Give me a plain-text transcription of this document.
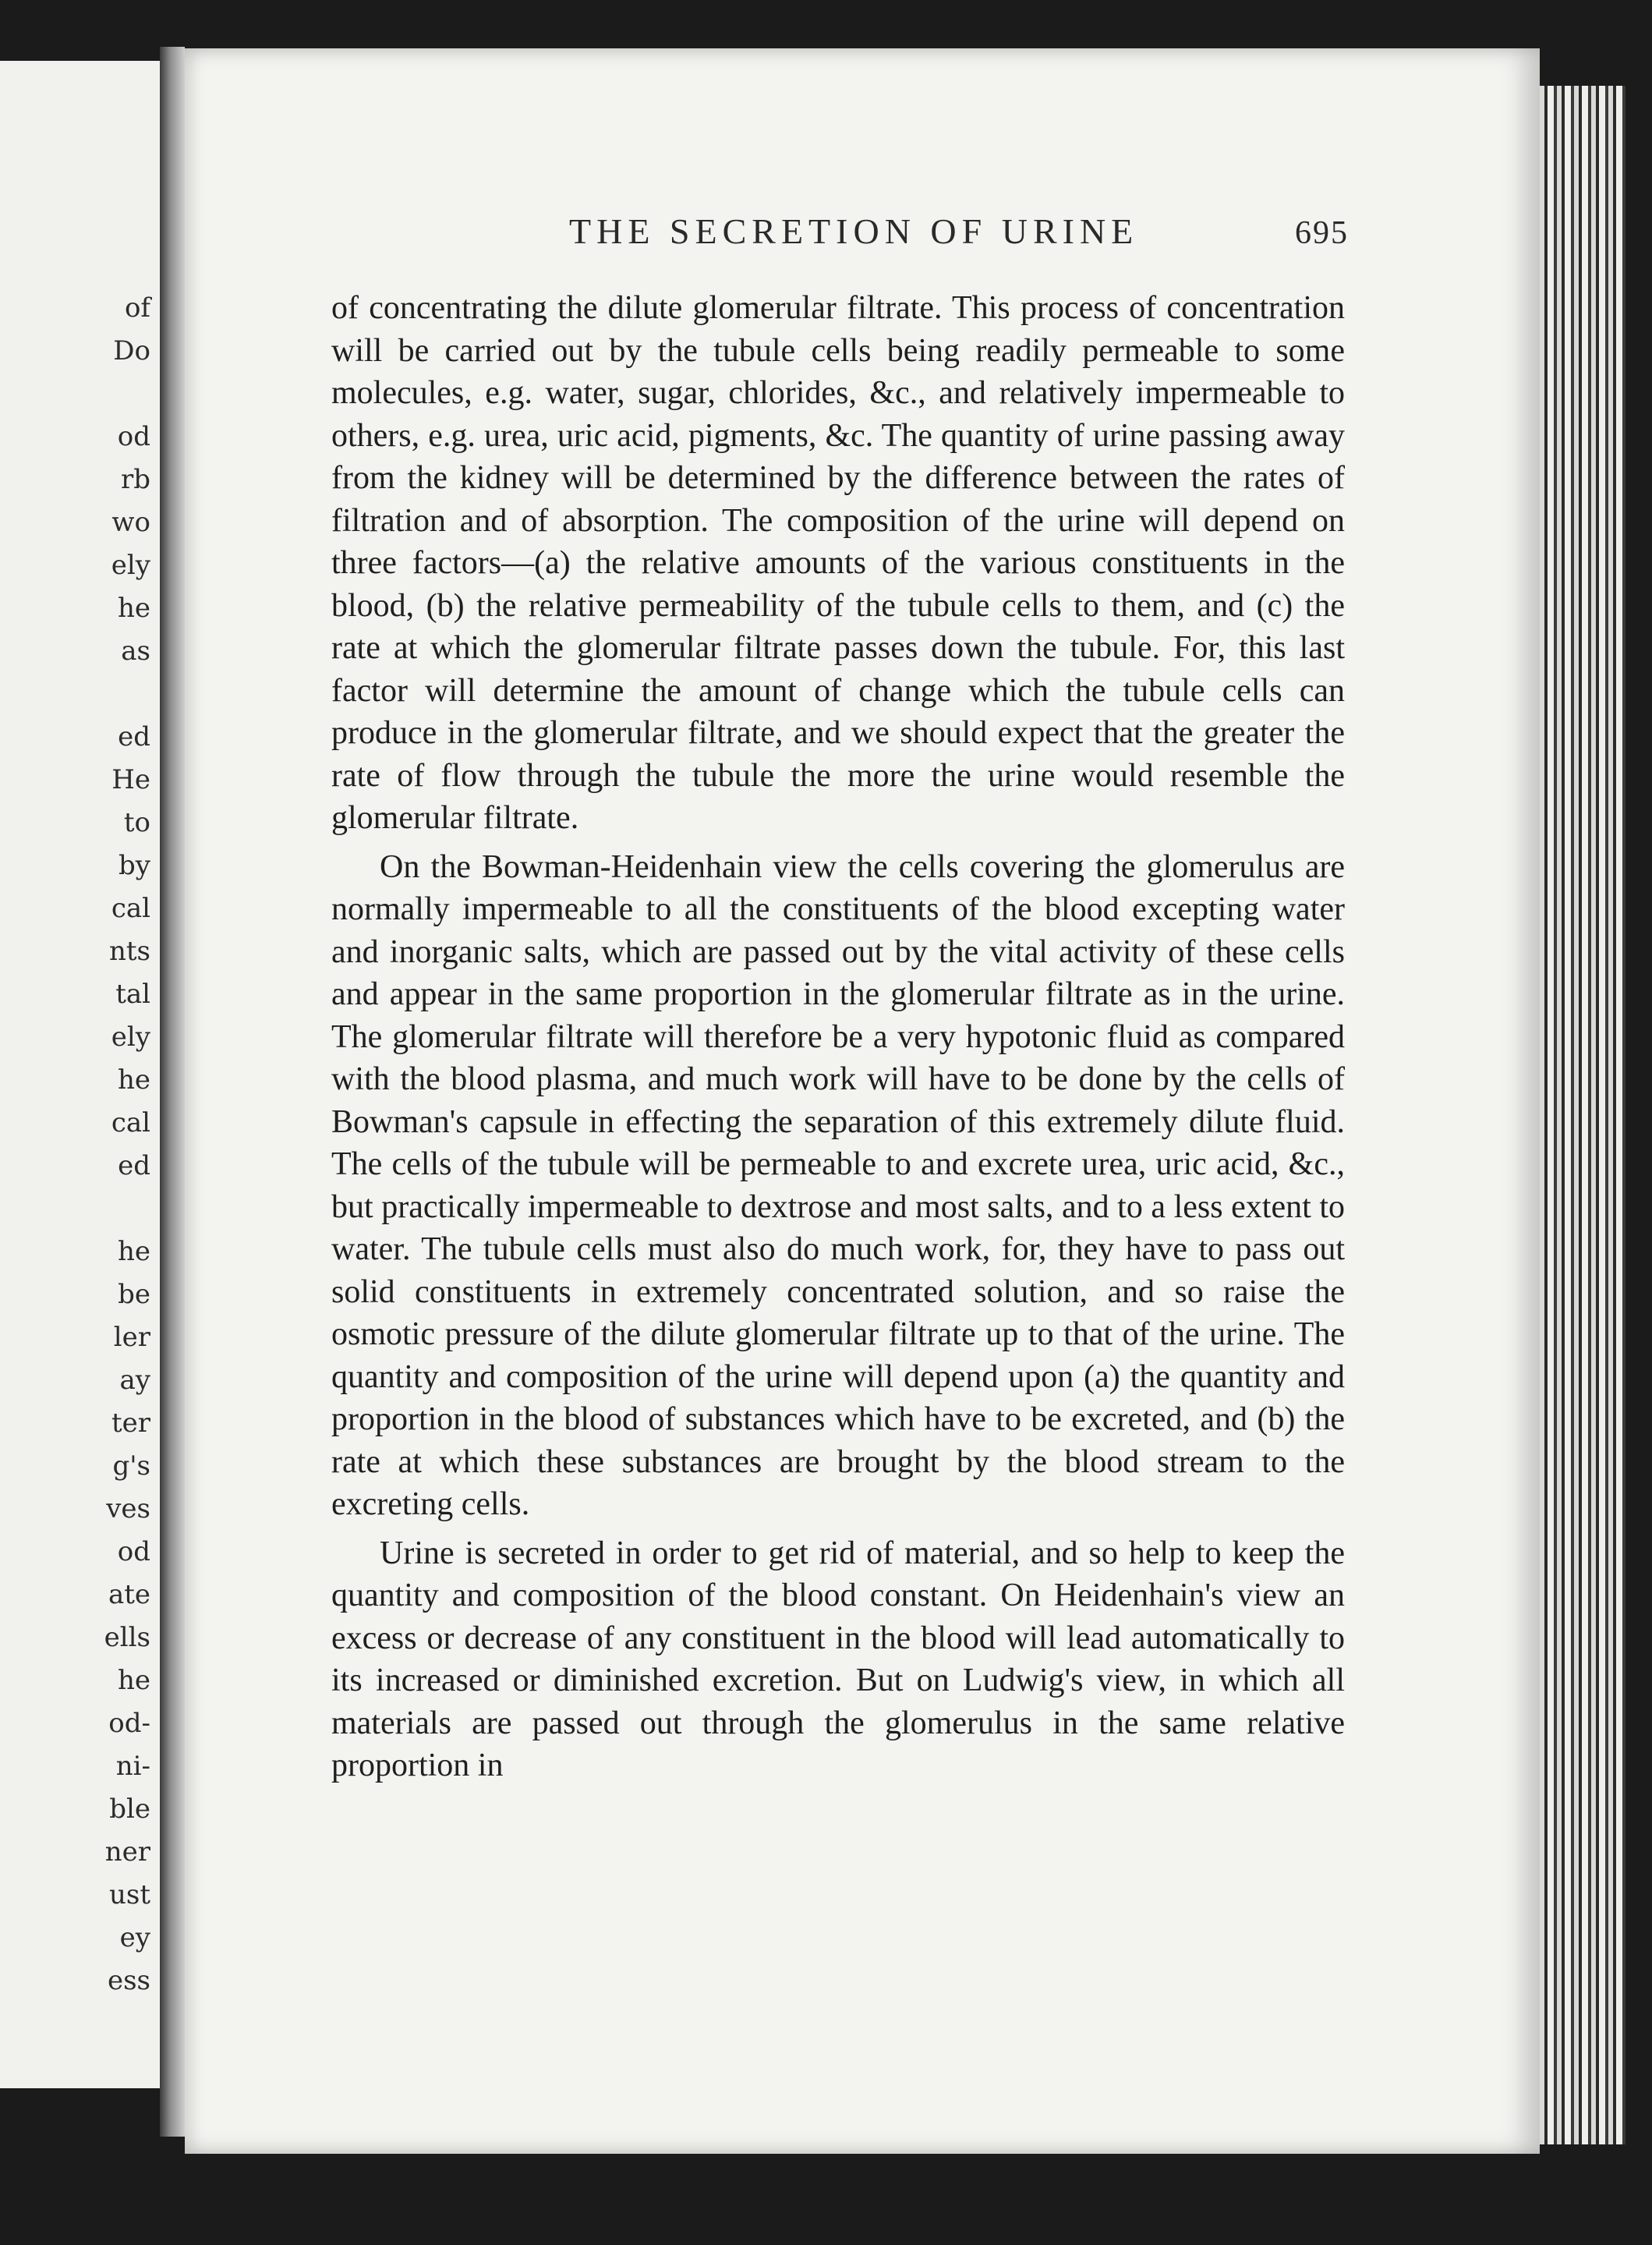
of
Do
od
rb
wo
ely
he
as
ed
He
to
by
cal
nts
tal
ely
he
cal
ed
he
be
ler
ay
ter
g's
ves
od
ate
ells
he
od-
ni-
ble
ner
ust
ey
ess
THE SECRETION OF URINE	695

of concentrating the dilute glomerular filtrate. This process of concentration will be carried out by the tubule cells being readily permeable to some molecules, e.g. water, sugar, chlorides, &c., and relatively impermeable to others, e.g. urea, uric acid, pigments, &c. The quantity of urine passing away from the kidney will be determined by the difference between the rates of filtration and of absorption. The composition of the urine will depend on three factors—(a) the relative amounts of the various constituents in the blood, (b) the relative permeability of the tubule cells to them, and (c) the rate at which the glomerular filtrate passes down the tubule. For, this last factor will determine the amount of change which the tubule cells can produce in the glomerular filtrate, and we should expect that the greater the rate of flow through the tubule the more the urine would resemble the glomerular filtrate.

On the Bowman-Heidenhain view the cells covering the glomerulus are normally impermeable to all the constituents of the blood excepting water and inorganic salts, which are passed out by the vital activity of these cells and appear in the same proportion in the glomerular filtrate as in the urine. The glomerular filtrate will therefore be a very hypotonic fluid as compared with the blood plasma, and much work will have to be done by the cells of Bowman's capsule in effecting the separation of this extremely dilute fluid. The cells of the tubule will be permeable to and excrete urea, uric acid, &c., but practically impermeable to dextrose and most salts, and to a less extent to water. The tubule cells must also do much work, for, they have to pass out solid constituents in extremely concentrated solution, and so raise the osmotic pressure of the dilute glomerular filtrate up to that of the urine. The quantity and composition of the urine will depend upon (a) the quantity and proportion in the blood of substances which have to be excreted, and (b) the rate at which these substances are brought by the blood stream to the excreting cells.

Urine is secreted in order to get rid of material, and so help to keep the quantity and composition of the blood constant. On Heidenhain's view an excess or decrease of any constituent in the blood will lead automatically to its increased or diminished excretion. But on Ludwig's view, in which all materials are passed out through the glomerulus in the same relative proportion in
